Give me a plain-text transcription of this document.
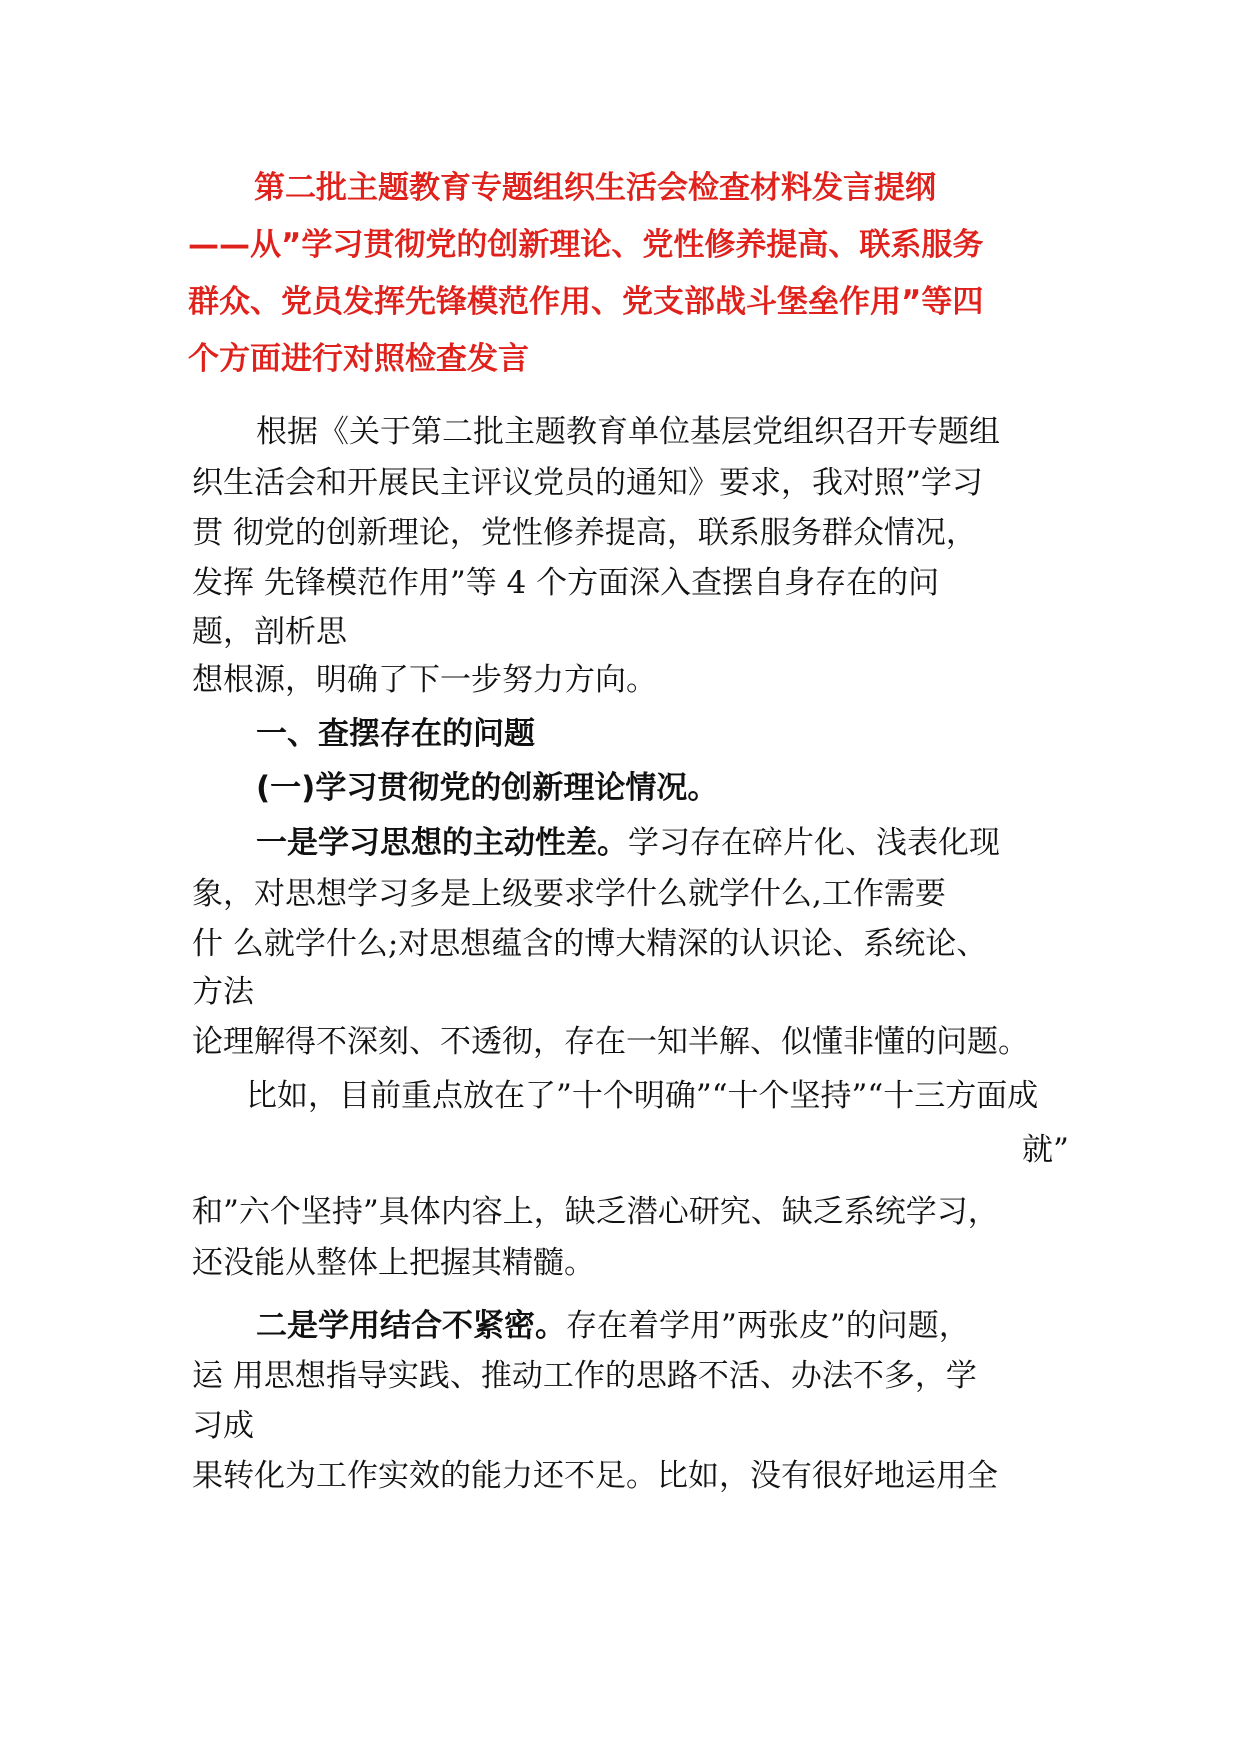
第二批主题教育专题组织生活会检查材料发言提纲
——从”学习贯彻党的创新理论、党性修养提高、联系服务
群众、党员发挥先锋模范作用、党支部战斗堡垒作用”等四
个方面进行对照检查发言
根据《关于第二批主题教育单位基层党组织召开专题组
织生活会和开展民主评议党员的通知》要求，我对照”学习
贯 彻党的创新理论，党性修养提高，联系服务群众情况，
发挥 先锋模范作用”等 4 个方面深入查摆自身存在的问
题，剖析思
想根源，明确了下一步努力方向。
一、查摆存在的问题
(一)学习贯彻党的创新理论情况。
一是学习思想的主动性差。学习存在碎片化、浅表化现
象，对思想学习多是上级要求学什么就学什么,工作需要
什 么就学什么;对思想蕴含的博大精深的认识论、系统论、
方法
论理解得不深刻、不透彻，存在一知半解、似懂非懂的问题。
比如，目前重点放在了”十个明确”“十个坚持”“十三方面成
就”
和”六个坚持”具体内容上，缺乏潜心研究、缺乏系统学习，
还没能从整体上把握其精髓。
二是学用结合不紧密。存在着学用”两张皮”的问题，
运 用思想指导实践、推动工作的思路不活、办法不多，学
习成
果转化为工作实效的能力还不足。比如，没有很好地运用全
